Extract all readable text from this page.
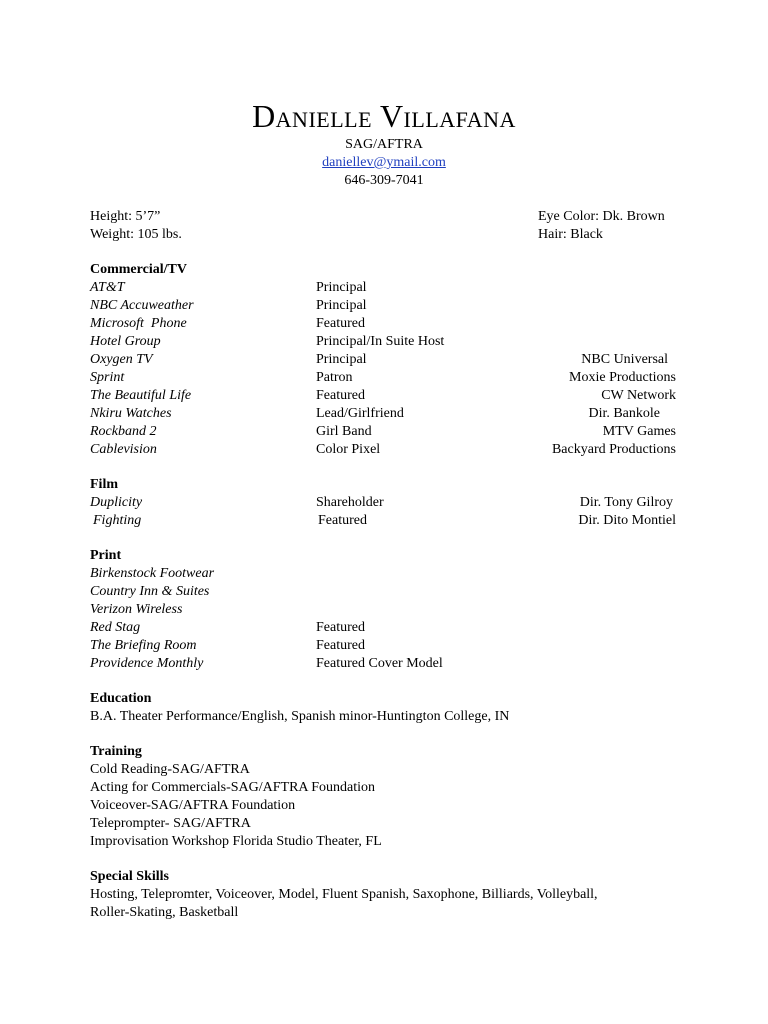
Danielle Villafana
SAG/AFTRA
daniellev@ymail.com
646-309-7041
Height: 5’7”	Eye Color: Dk. Brown
Weight: 105 lbs.	Hair: Black
Commercial/TV
AT&T	Principal
NBC Accuweather	Principal
Microsoft  Phone	Featured
Hotel Group	Principal/In Suite Host
Oxygen TV	Principal	NBC Universal
Sprint	Patron	Moxie Productions
The Beautiful Life	Featured	CW Network
Nkiru Watches	Lead/Girlfriend	Dir. Bankole
Rockband 2	Girl Band	MTV Games
Cablevision	Color Pixel	Backyard Productions
Film
Duplicity	Shareholder	Dir. Tony Gilroy
Fighting	Featured	Dir. Dito Montiel
Print
Birkenstock Footwear
Country Inn & Suites
Verizon Wireless
Red Stag	Featured
The Briefing Room	Featured
Providence Monthly	Featured Cover Model
Education
B.A. Theater Performance/English, Spanish minor-Huntington College, IN
Training
Cold Reading-SAG/AFTRA
Acting for Commercials-SAG/AFTRA Foundation
Voiceover-SAG/AFTRA Foundation
Teleprompter- SAG/AFTRA
Improvisation Workshop Florida Studio Theater, FL
Special Skills
Hosting, Telepromter, Voiceover, Model, Fluent Spanish, Saxophone, Billiards, Volleyball,
Roller-Skating, Basketball
